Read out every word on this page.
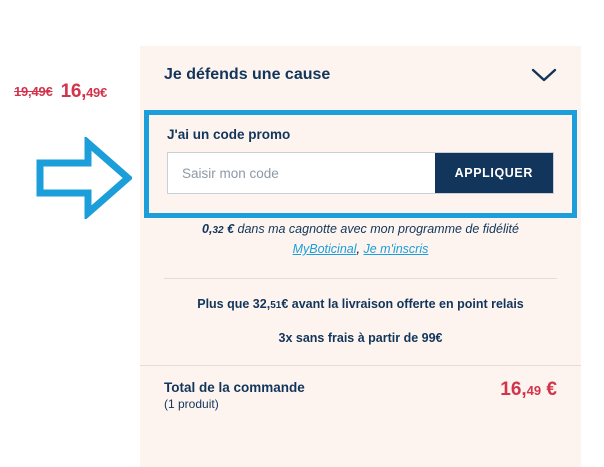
19,49€ 16,49€
Je défends une cause
0,32 € dans ma cagnotte avec mon programme de fidélité
MyBoticinal, Je m'inscris
Plus que 32,51€ avant la livraison offerte en point relais
3x sans frais à partir de 99€
Total de la commande
(1 produit)
16,49 €
J'ai un code promo
Saisir mon code
APPLIQUER
